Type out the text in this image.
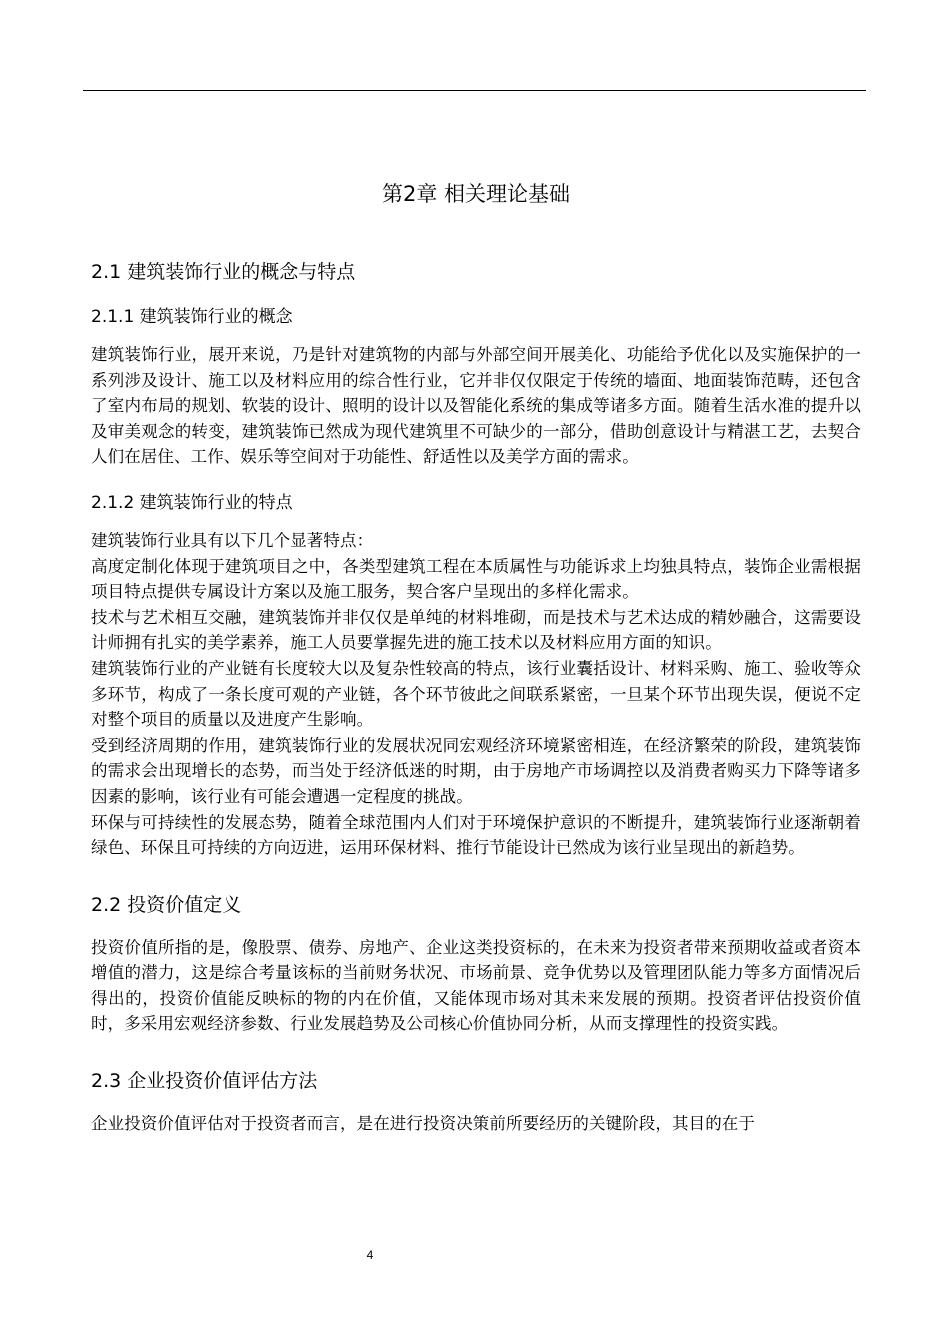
第2章 相关理论基础
2.1 建筑装饰行业的概念与特点
2.1.1 建筑装饰行业的概念

建筑装饰行业，展开来说，乃是针对建筑物的内部与外部空间开展美化、功能给予优化以及实施保护的一系列涉及设计、施工以及材料应用的综合性行业，它并非仅仅限定于传统的墙面、地面装饰范畴，还包含了室内布局的规划、软装的设计、照明的设计以及智能化系统的集成等诸多方面。随着生活水准的提升以及审美观念的转变，建筑装饰已然成为现代建筑里不可缺少的一部分，借助创意设计与精湛工艺，去契合人们在居住、工作、娱乐等空间对于功能性、舒适性以及美学方面的需求。

2.1.2 建筑装饰行业的特点

建筑装饰行业具有以下几个显著特点：

高度定制化体现于建筑项目之中，各类型建筑工程在本质属性与功能诉求上均独具特点，装饰企业需根据项目特点提供专属设计方案以及施工服务，契合客户呈现出的多样化需求。

技术与艺术相互交融，建筑装饰并非仅仅是单纯的材料堆砌，而是技术与艺术达成的精妙融合，这需要设计师拥有扎实的美学素养，施工人员要掌握先进的施工技术以及材料应用方面的知识。

建筑装饰行业的产业链有长度较大以及复杂性较高的特点，该行业囊括设计、材料采购、施工、验收等众多环节，构成了一条长度可观的产业链，各个环节彼此之间联系紧密，一旦某个环节出现失误，便说不定对整个项目的质量以及进度产生影响。

受到经济周期的作用，建筑装饰行业的发展状况同宏观经济环境紧密相连，在经济繁荣的阶段，建筑装饰的需求会出现增长的态势，而当处于经济低迷的时期，由于房地产市场调控以及消费者购买力下降等诸多因素的影响，该行业有可能会遭遇一定程度的挑战。

环保与可持续性的发展态势，随着全球范围内人们对于环境保护意识的不断提升，建筑装饰行业逐渐朝着绿色、环保且可持续的方向迈进，运用环保材料、推行节能设计已然成为该行业呈现出的新趋势。

2.2 投资价值定义

投资价值所指的是，像股票、债券、房地产、企业这类投资标的，在未来为投资者带来预期收益或者资本增值的潜力，这是综合考量该标的当前财务状况、市场前景、竞争优势以及管理团队能力等多方面情况后得出的，投资价值能反映标的物的内在价值，又能体现市场对其未来发展的预期。投资者评估投资价值时，多采用宏观经济参数、行业发展趋势及公司核心价值协同分析，从而支撑理性的投资实践。

2.3 企业投资价值评估方法

企业投资价值评估对于投资者而言，是在进行投资决策前所要经历的关键阶段，其目的在于

4
